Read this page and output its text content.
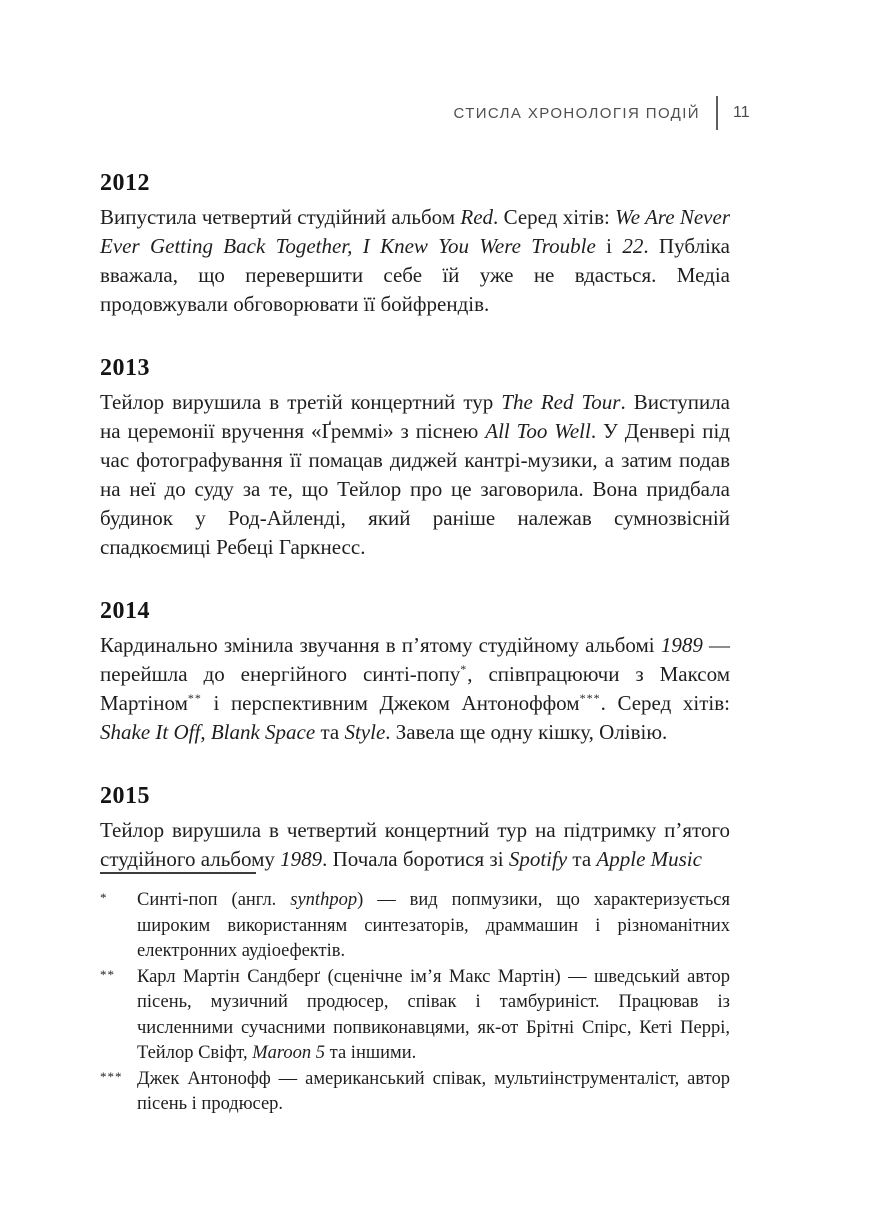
СТИСЛА ХРОНОЛОГІЯ ПОДІЙ 11
2012

Випустила четвертий студійний альбом Red. Серед хітів: We Are Never Ever Getting Back Together, I Knew You Were Trouble і 22. Публіка вважала, що перевершити себе їй уже не вдасться. Медіа продовжували обговорювати її бойфрендів.

2013

Тейлор вирушила в третій концертний тур The Red Tour. Виступила на церемонії вручення «Ґреммі» з піснею All Too Well. У Денвері під час фотографування її помацав диджей кантрі-музики, а затим подав на неї до суду за те, що Тейлор про це заговорила. Вона придбала будинок у Род-Айленді, який раніше належав сумнозвісній спадкоємиці Ребеці Гаркнесс.

2014

Кардинально змінила звучання в п’ятому студійному альбомі 1989 — перейшла до енергійного синті-попу*, співпрацюючи з Максом Мартіном** і перспективним Джеком Антоноффом***. Серед хітів: Shake It Off, Blank Space та Style. Завела ще одну кішку, Олівію.

2015

Тейлор вирушила в четвертий концертний тур на підтримку п’ятого студійного альбому 1989. Почала боротися зі Spotify та Apple Music

*	Синті-поп (англ. synthpop) — вид попмузики, що характеризується широким використанням синтезаторів, драммашин і різноманітних електронних аудіоефектів.

**	Карл Мартін Сандберґ (сценічне ім’я Макс Мартін) — шведський автор пісень, музичний продюсер, співак і тамбуриніст. Працював із численними сучасними попвиконавцями, як-от Брітні Спірс, Кеті Перрі, Тейлор Свіфт, Maroon 5 та іншими.

*** Джек Антонофф — американський співак, мультиінструменталіст, автор пісень і продюсер.
